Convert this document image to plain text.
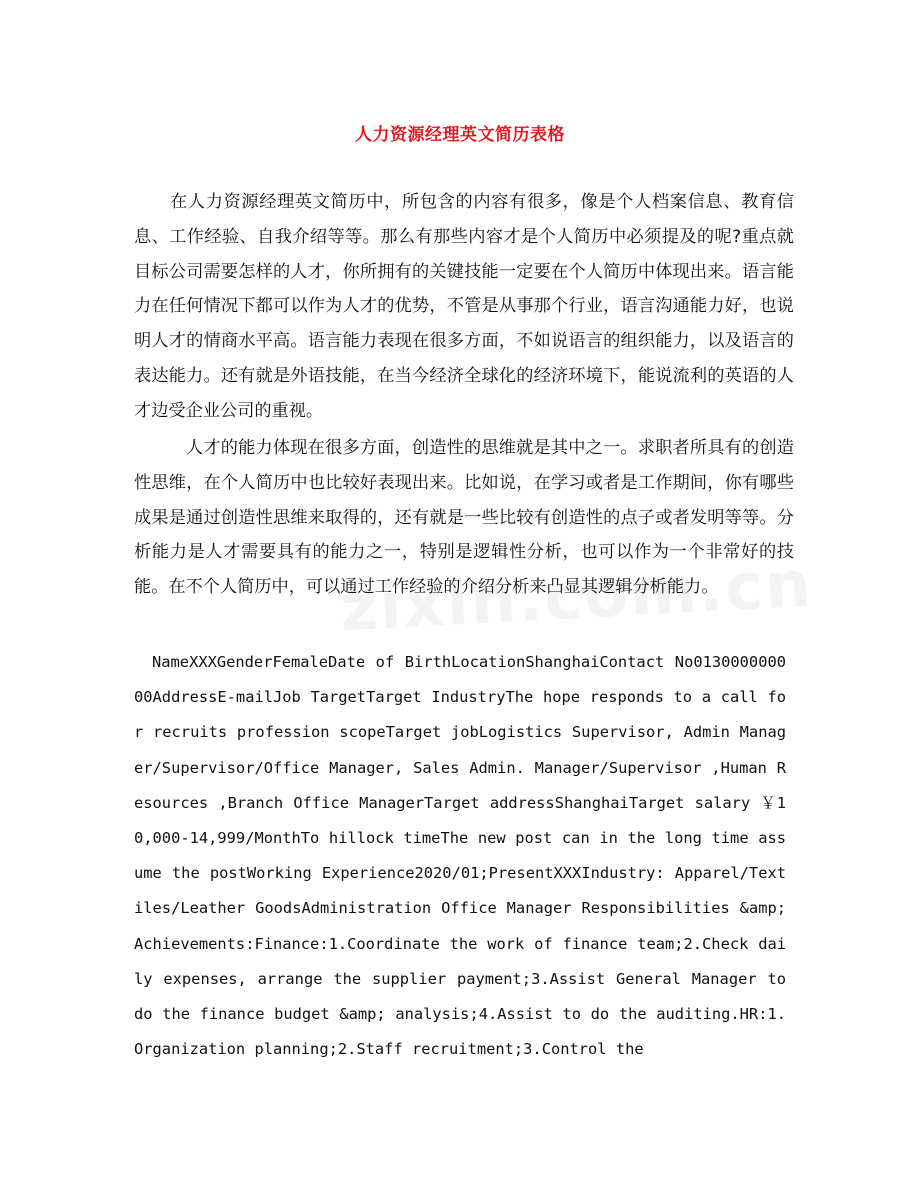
人力资源经理英文简历表格

在人力资源经理英文简历中，所包含的内容有很多，像是个人档案信息、教育信息、工作经验、自我介绍等等。那么有那些内容才是个人简历中必须提及的呢?重点就目标公司需要怎样的人才，你所拥有的关键技能一定要在个人简历中体现出来。语言能力在任何情况下都可以作为人才的优势，不管是从事那个行业，语言沟通能力好，也说明人才的情商水平高。语言能力表现在很多方面，不如说语言的组织能力，以及语言的表达能力。还有就是外语技能，在当今经济全球化的经济环境下，能说流利的英语的人才边受企业公司的重视。

人才的能力体现在很多方面，创造性的思维就是其中之一。求职者所具有的创造性思维，在个人简历中也比较好表现出来。比如说，在学习或者是工作期间，你有哪些成果是通过创造性思维来取得的，还有就是一些比较有创造性的点子或者发明等等。分析能力是人才需要具有的能力之一，特别是逻辑性分析，也可以作为一个非常好的技能。在不个人简历中，可以通过工作经验的介绍分析来凸显其逻辑分析能力。

NameXXXGenderFemaleDate of BirthLocationShanghaiContact No013000000000AddressE-mailJob TargetTarget IndustryThe hope responds to a call for recruits profession scopeTarget jobLogistics Supervisor, Admin Manager/Supervisor/Office Manager, Sales Admin. Manager/Supervisor ,Human Resources ,Branch Office ManagerTarget addressShanghaiTarget salary ￥10,000-14,999/MonthTo hillock timeThe new post can in the long time assume the postWorking Experience2020/01;PresentXXXIndustry: Apparel/Textiles/Leather GoodsAdministration Office Manager Responsibilities &amp; Achievements:Finance:1.Coordinate the work of finance team;2.Check daily expenses, arrange the supplier payment;3.Assist General Manager to do the finance budget &amp; analysis;4.Assist to do the auditing.HR:1.Organization planning;2.Staff recruitment;3.Control the
